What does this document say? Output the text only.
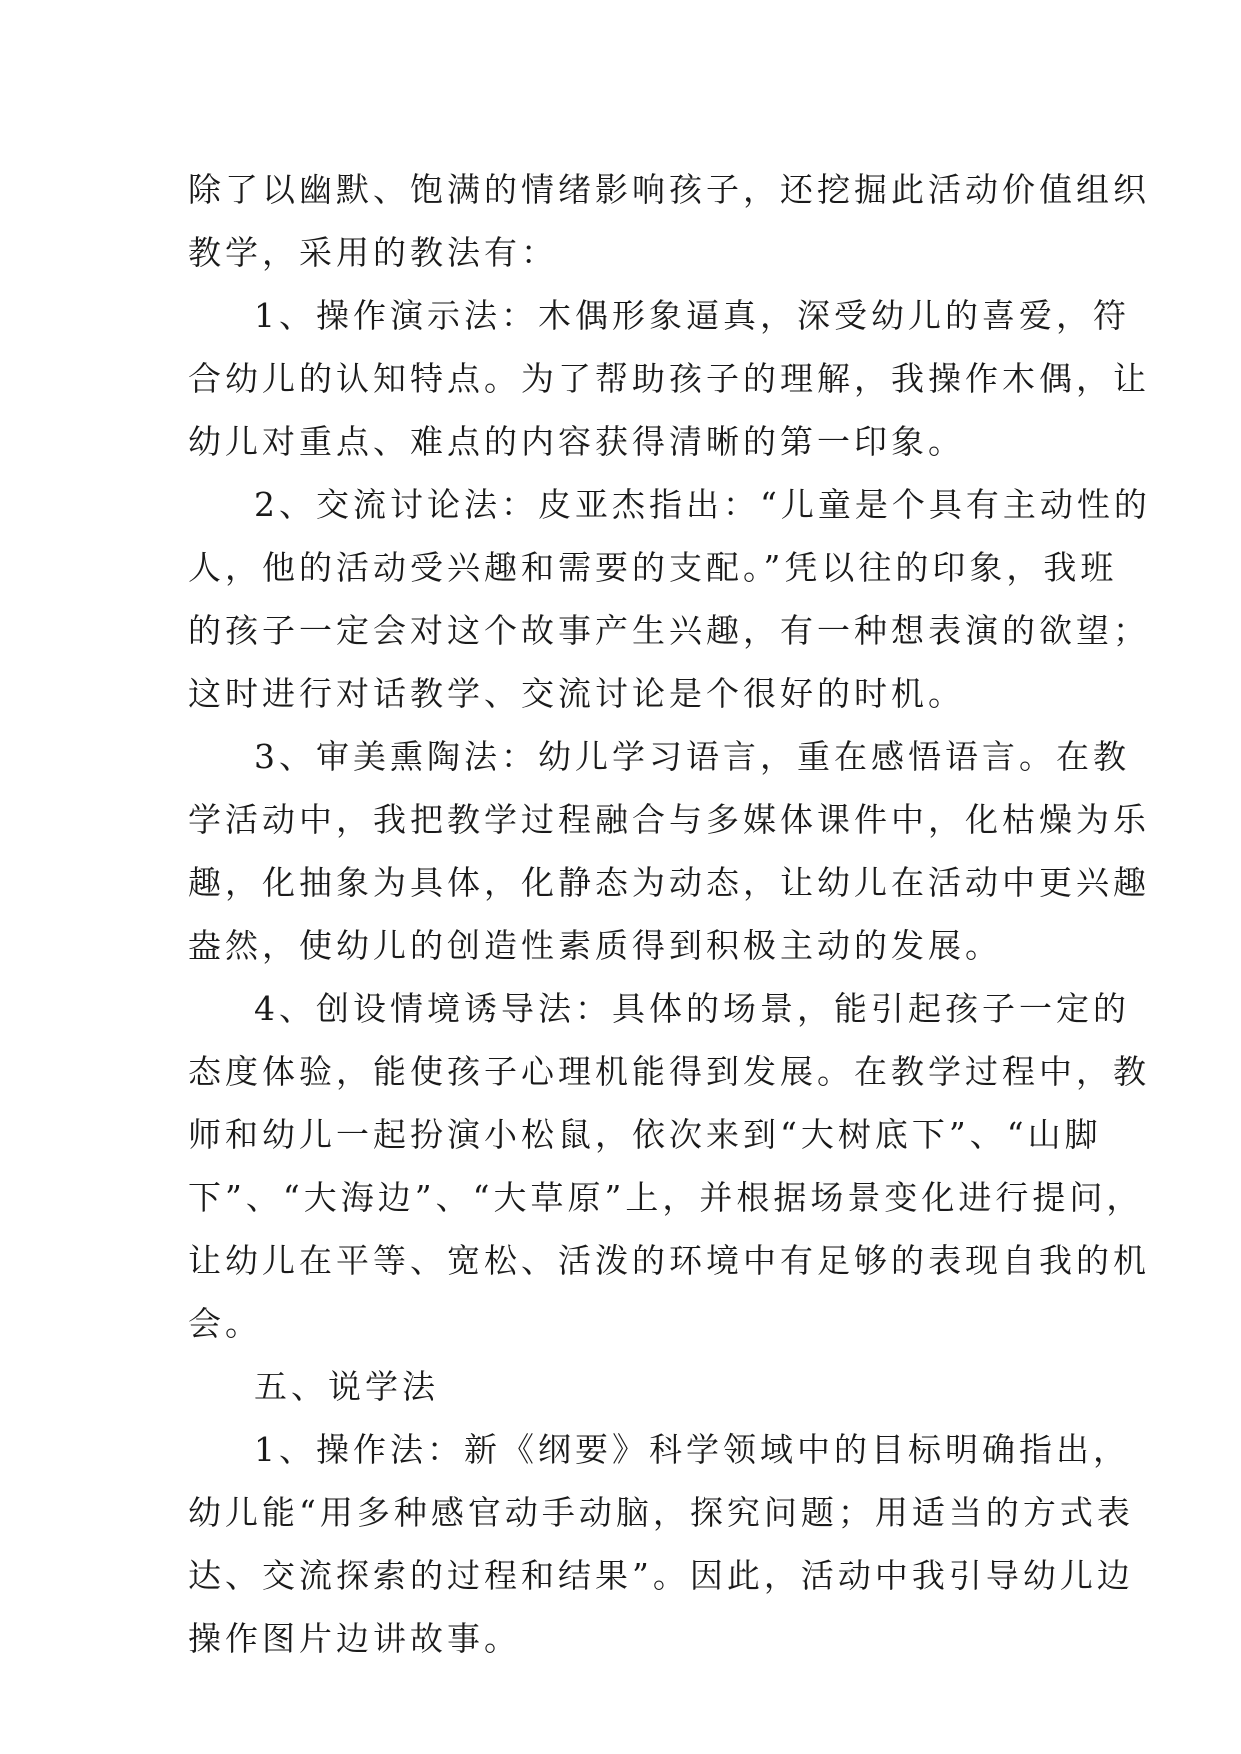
除了以幽默、饱满的情绪影响孩子，还挖掘此活动价值组织
教学，采用的教法有：
1、操作演示法：木偶形象逼真，深受幼儿的喜爱，符
合幼儿的认知特点。为了帮助孩子的理解，我操作木偶，让
幼儿对重点、难点的内容获得清晰的第一印象。
2、交流讨论法：皮亚杰指出：“儿童是个具有主动性的
人，他的活动受兴趣和需要的支配。”凭以往的印象，我班
的孩子一定会对这个故事产生兴趣，有一种想表演的欲望；
这时进行对话教学、交流讨论是个很好的时机。
3、审美熏陶法：幼儿学习语言，重在感悟语言。在教
学活动中，我把教学过程融合与多媒体课件中，化枯燥为乐
趣，化抽象为具体，化静态为动态，让幼儿在活动中更兴趣
盎然，使幼儿的创造性素质得到积极主动的发展。
4、创设情境诱导法：具体的场景，能引起孩子一定的
态度体验，能使孩子心理机能得到发展。在教学过程中，教
师和幼儿一起扮演小松鼠，依次来到“大树底下”、“山脚
下”、“大海边”、“大草原”上，并根据场景变化进行提问，
让幼儿在平等、宽松、活泼的环境中有足够的表现自我的机
会。
五、说学法
1、操作法：新《纲要》科学领域中的目标明确指出，
幼儿能“用多种感官动手动脑，探究问题；用适当的方式表
达、交流探索的过程和结果”。因此，活动中我引导幼儿边
操作图片边讲故事。
